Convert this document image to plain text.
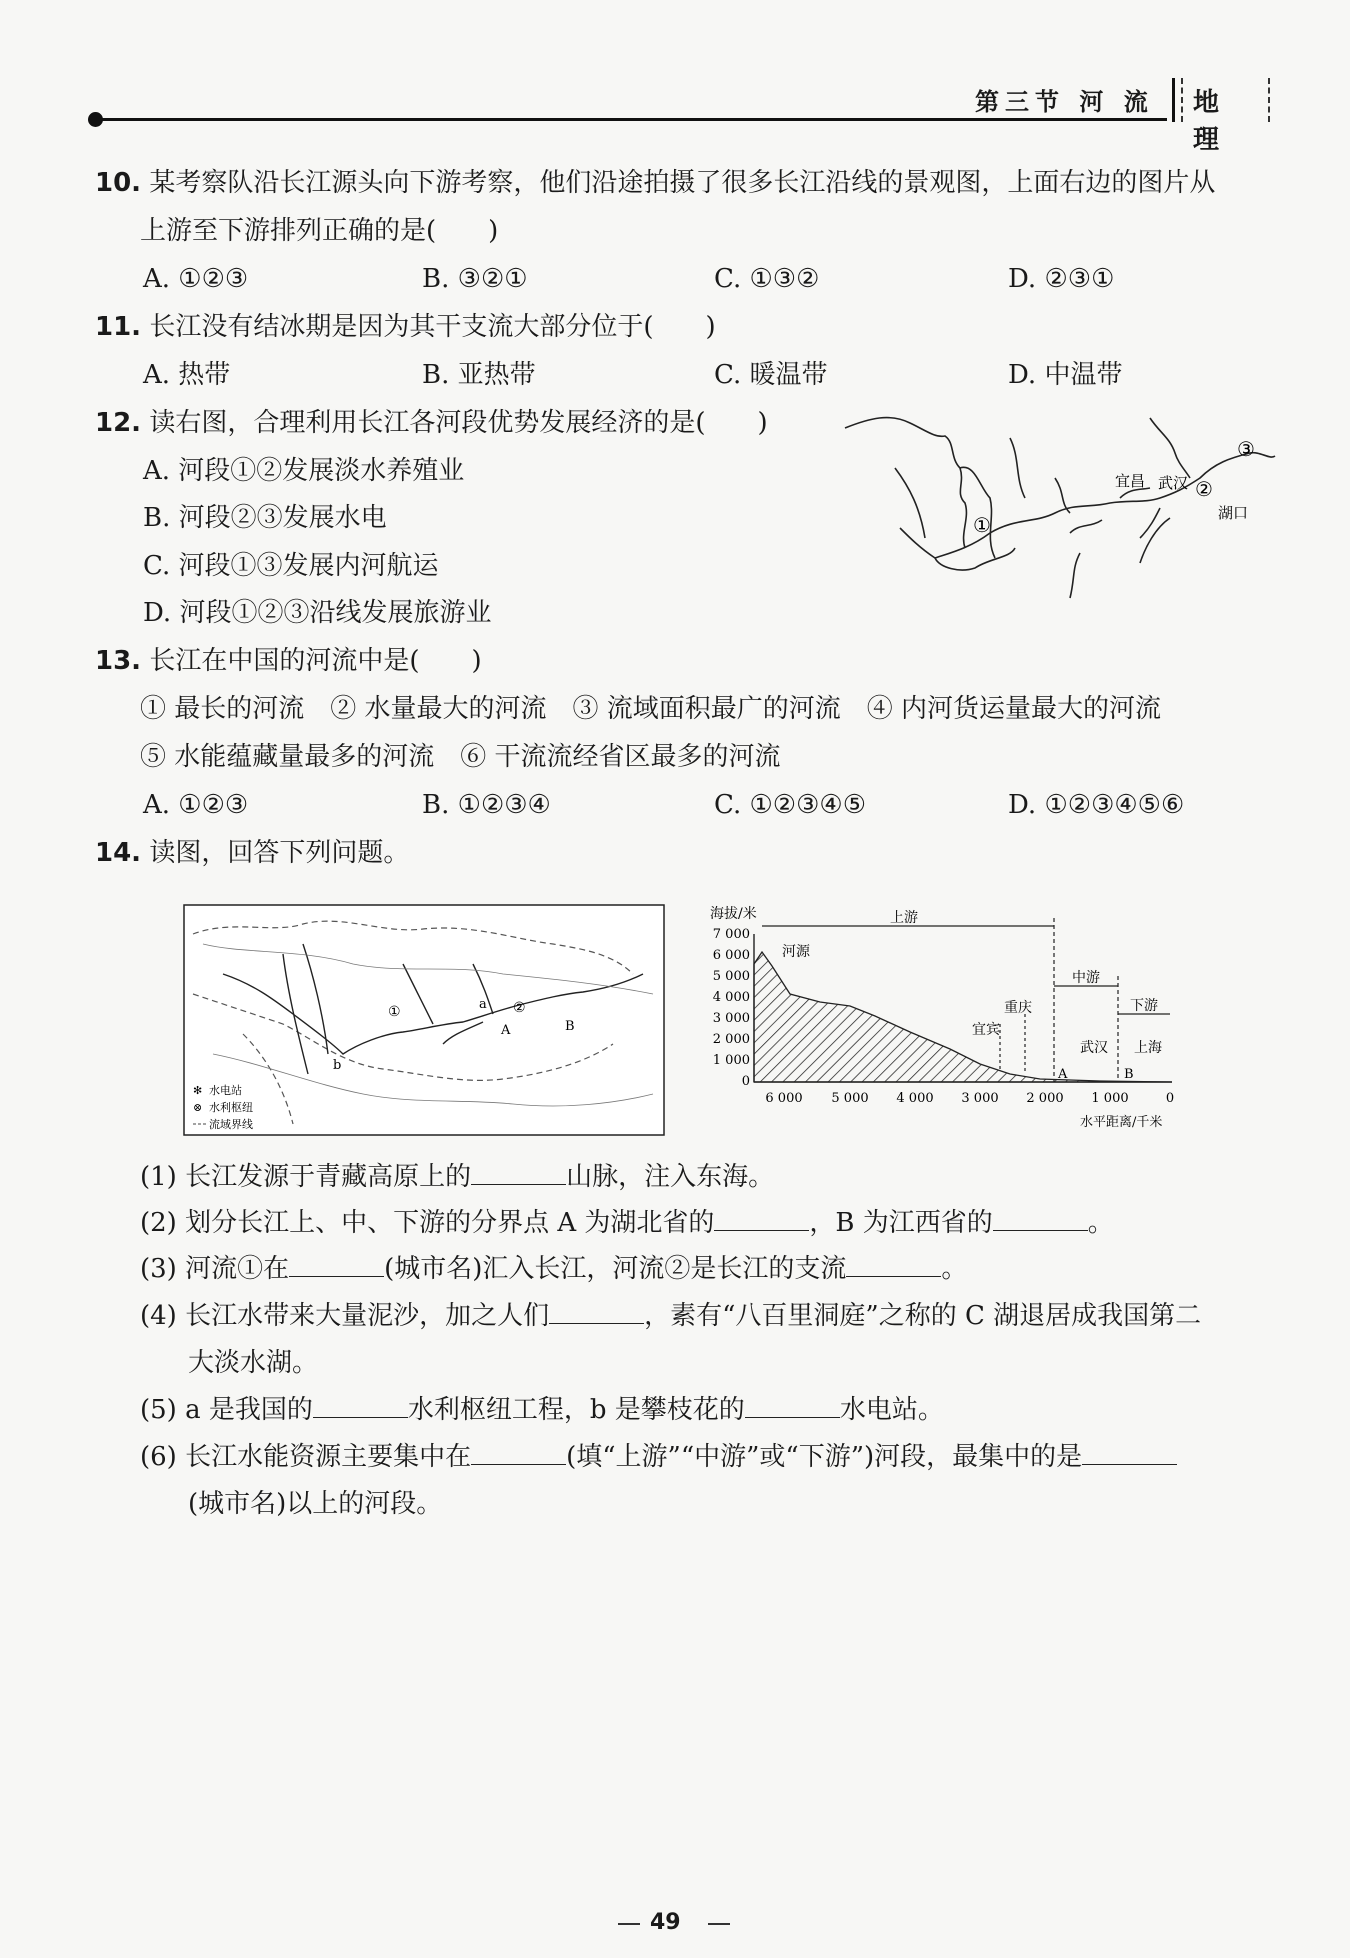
第三节 河 流 地 理
10. 某考察队沿长江源头向下游考察，他们沿途拍摄了很多长江沿线的景观图，上面右边的图片从
上游至下游排列正确的是(　　)
A. ①②③	B. ③②①	C. ①③②	D. ②③①
11. 长江没有结冰期是因为其干支流大部分位于(　　)
A. 热带	B. 亚热带	C. 暖温带	D. 中温带
12. 读右图，合理利用长江各河段优势发展经济的是(　　)
A. 河段①②发展淡水养殖业
B. 河段②③发展水电
C. 河段①③发展内河航运
D. 河段①②③沿线发展旅游业
①
②
③
宜昌 武汉
湖口
13. 长江在中国的河流中是(　　)
① 最长的河流　② 水量最大的河流　③ 流域面积最广的河流　④ 内河货运量最大的河流
⑤ 水能蕴藏量最多的河流　⑥ 干流流经省区最多的河流
A. ①②③	B. ①②③④	C. ①②③④⑤	D. ①②③④⑤⑥
14. 读图，回答下列问题。
①	②
a
b
A	B
✻ 水电站
⊗ 水利枢纽
流域界线
海拔/米
7 000
6 000
5 000
4 000
3 000
2 000
1 000
0
6 000 5 000 4 000 3 000 2 000 1 000	0
水平距离/千米
上游
中游
下游
河源
重庆
宜宾
武汉 上海
A	B
(1) 长江发源于青藏高原上的	山脉，注入东海。
(2) 划分长江上、中、下游的分界点 A 为湖北省的	，B 为江西省的	。
(3) 河流①在	(城市名)汇入长江，河流②是长江的支流	。
(4) 长江水带来大量泥沙，加之人们	，素有“八百里洞庭”之称的 C 湖退居成我国第二
大淡水湖。
(5) a 是我国的	水利枢纽工程，b 是攀枝花的	水电站。
(6) 长江水能资源主要集中在	(填“上游”“中游”或“下游”)河段，最集中的是
(城市名)以上的河段。
49
